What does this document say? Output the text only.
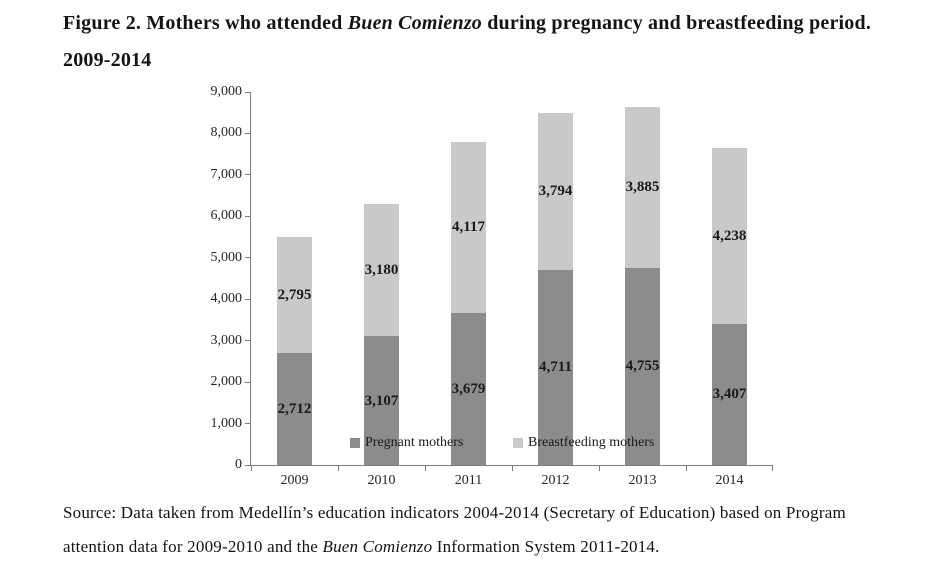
Figure 2. Mothers who attended Buen Comienzo during pregnancy and breastfeeding period.
2009-2014
0
1,000
2,000
3,000
4,000
5,000
6,000
7,000
8,000
9,000
2,712
2,795
2009
3,107
3,180
2010
3,679
4,117
2011
4,711
3,794
2012
4,755
3,885
2013
3,407
4,238
2014
Pregnant mothers	Breastfeeding mothers
Source: Data taken from Medellín’s education indicators 2004-2014 (Secretary of Education) based on Program
attention data for 2009-2010 and the Buen Comienzo Information System 2011-2014.
